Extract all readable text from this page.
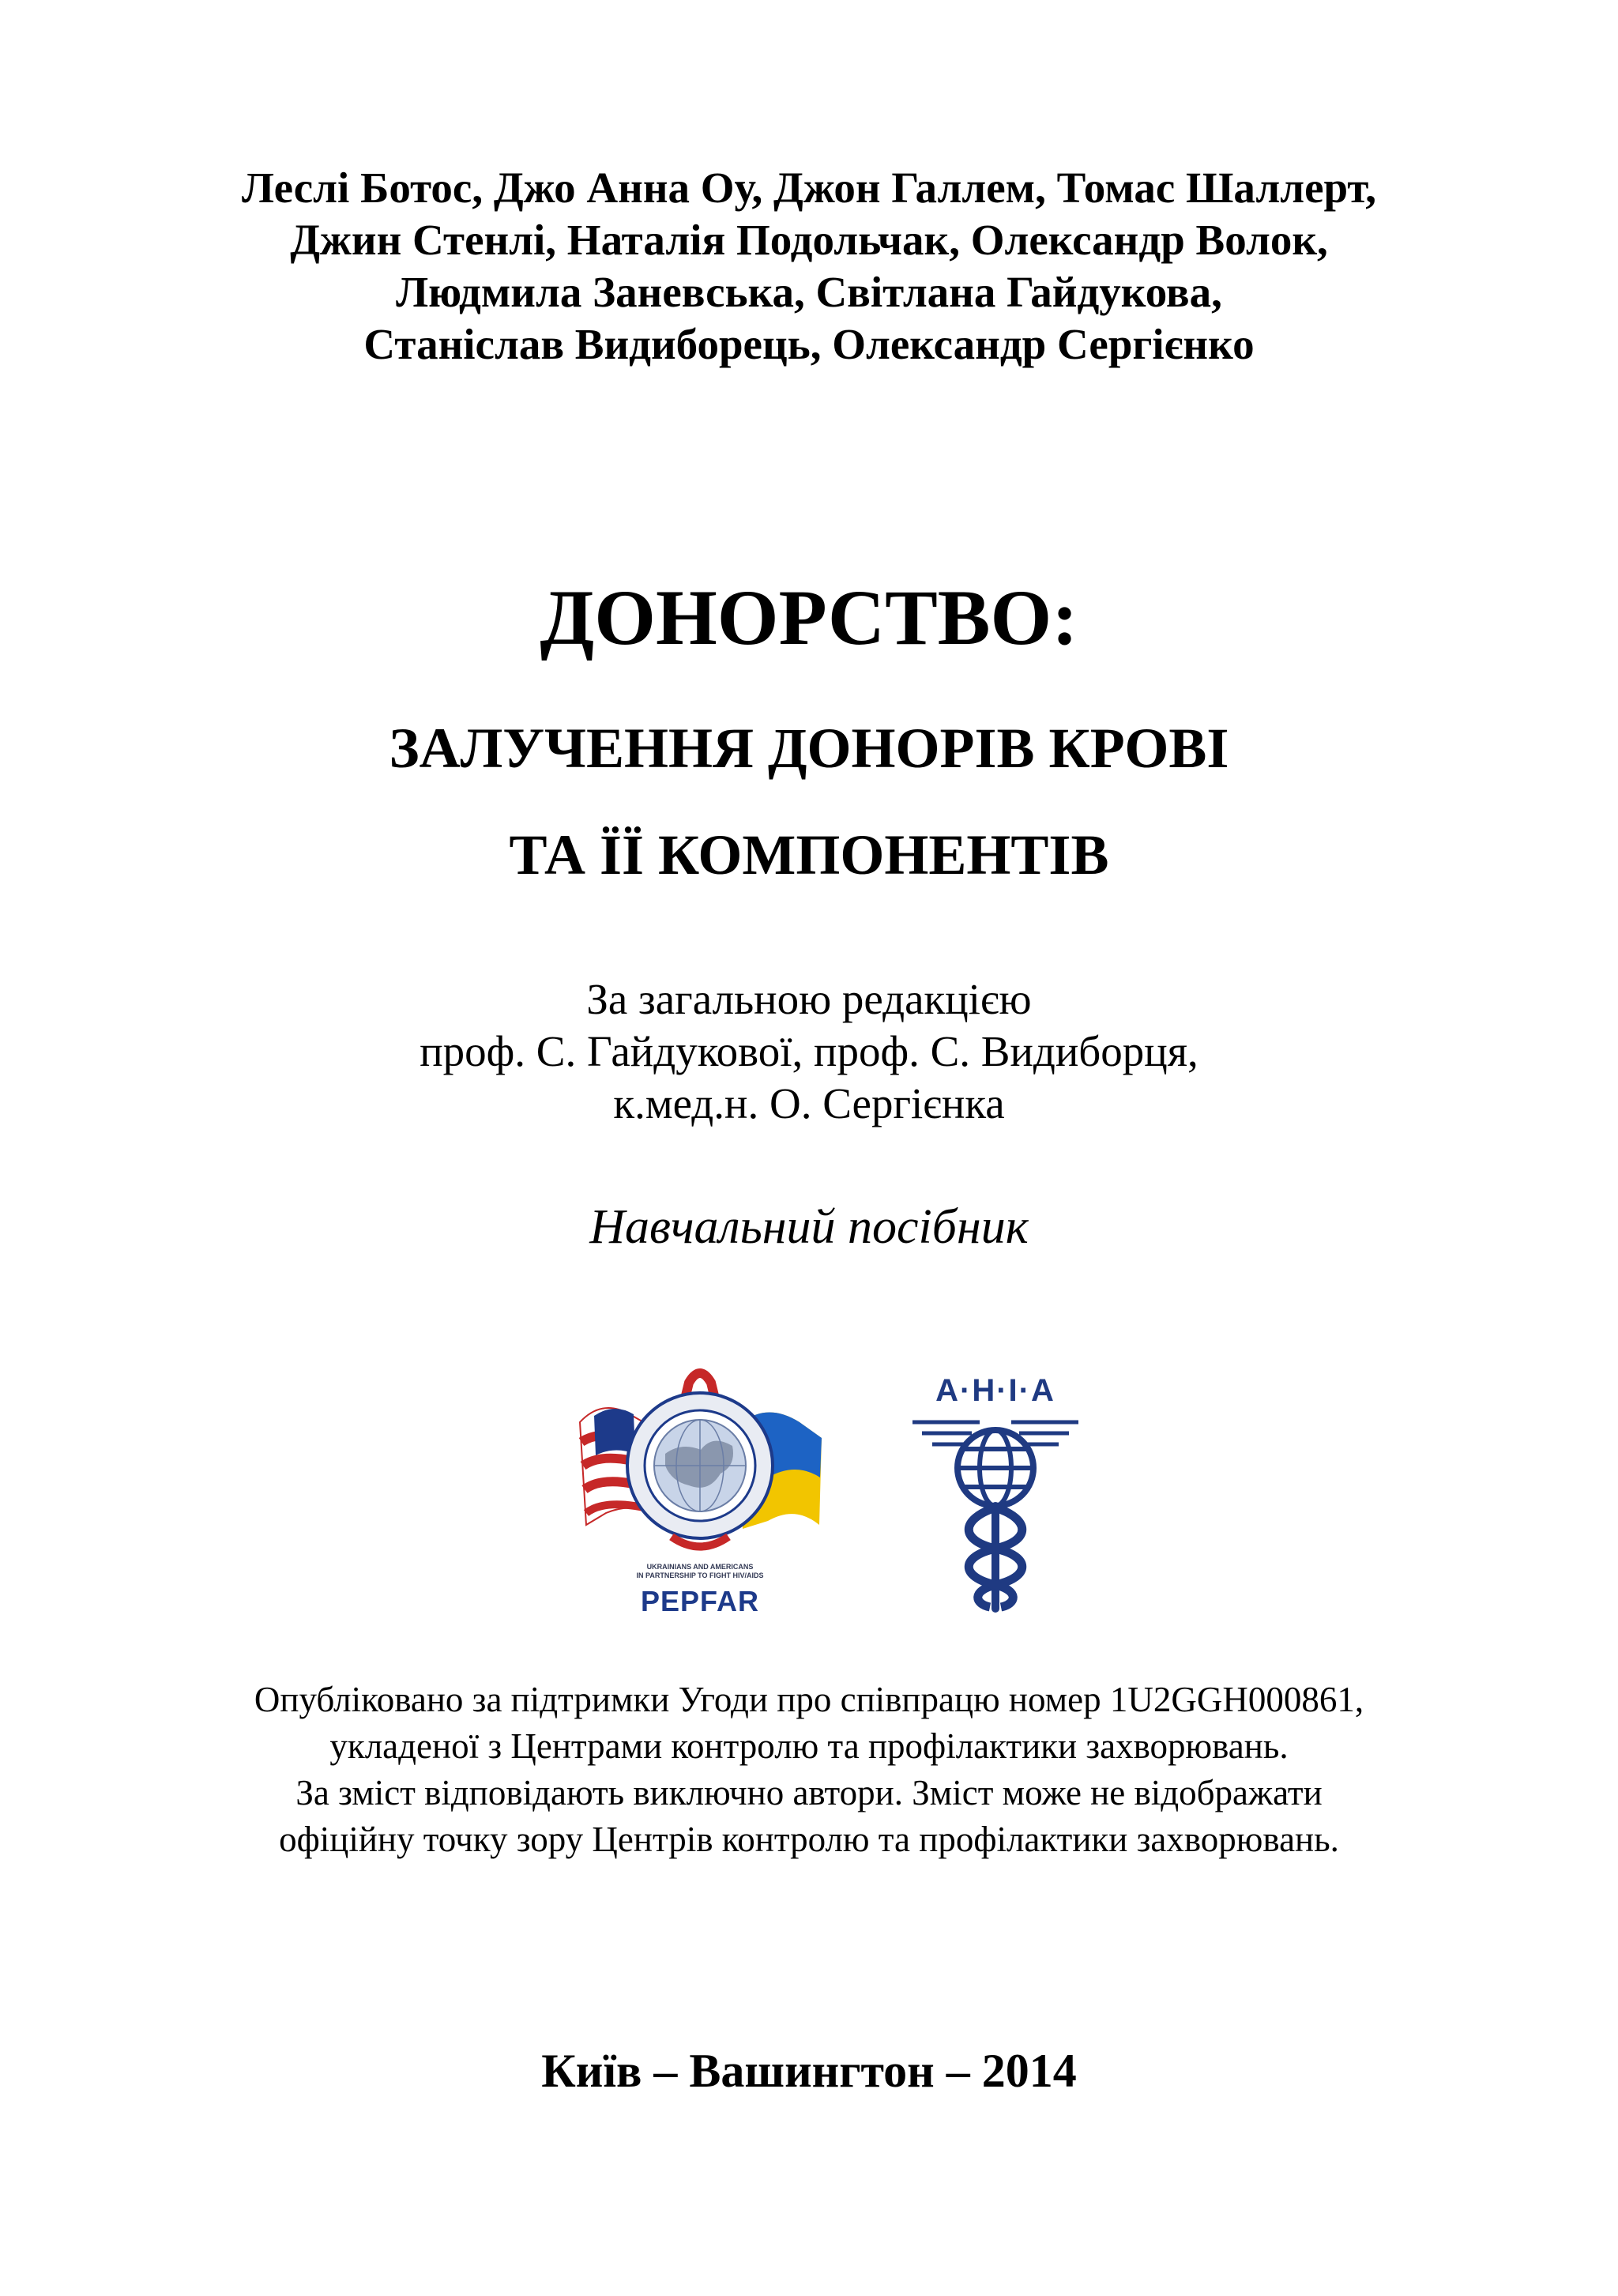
Леслі Ботос, Джо Анна Оу, Джон Галлем, Томас Шаллерт,
Джин Стенлі, Наталія Подольчак, Олександр Волок,
Людмила Заневська, Світлана Гайдукова,
Станіслав Видиборець, Олександр Сергієнко
ДОНОРСТВО:
ЗАЛУЧЕННЯ ДОНОРІВ КРОВІ
ТА ЇЇ КОМПОНЕНТІВ
За загальною редакцією
проф. С. Гайдукової, проф. С. Видиборця,
к.мед.н. О. Сергієнка
Навчальний посібник
UKRAINIANS AND AMERICANS
IN PARTNERSHIP TO FIGHT HIV/AIDS
PEPFAR
A·H·I·A
Опубліковано за підтримки Угоди про співпрацю номер 1U2GGH000861,
укладеної з Центрами контролю та профілактики захворювань.
За зміст відповідають виключно автори. Зміст може не відображати
офіційну точку зору Центрів контролю та профілактики захворювань.
Київ – Вашингтон – 2014
